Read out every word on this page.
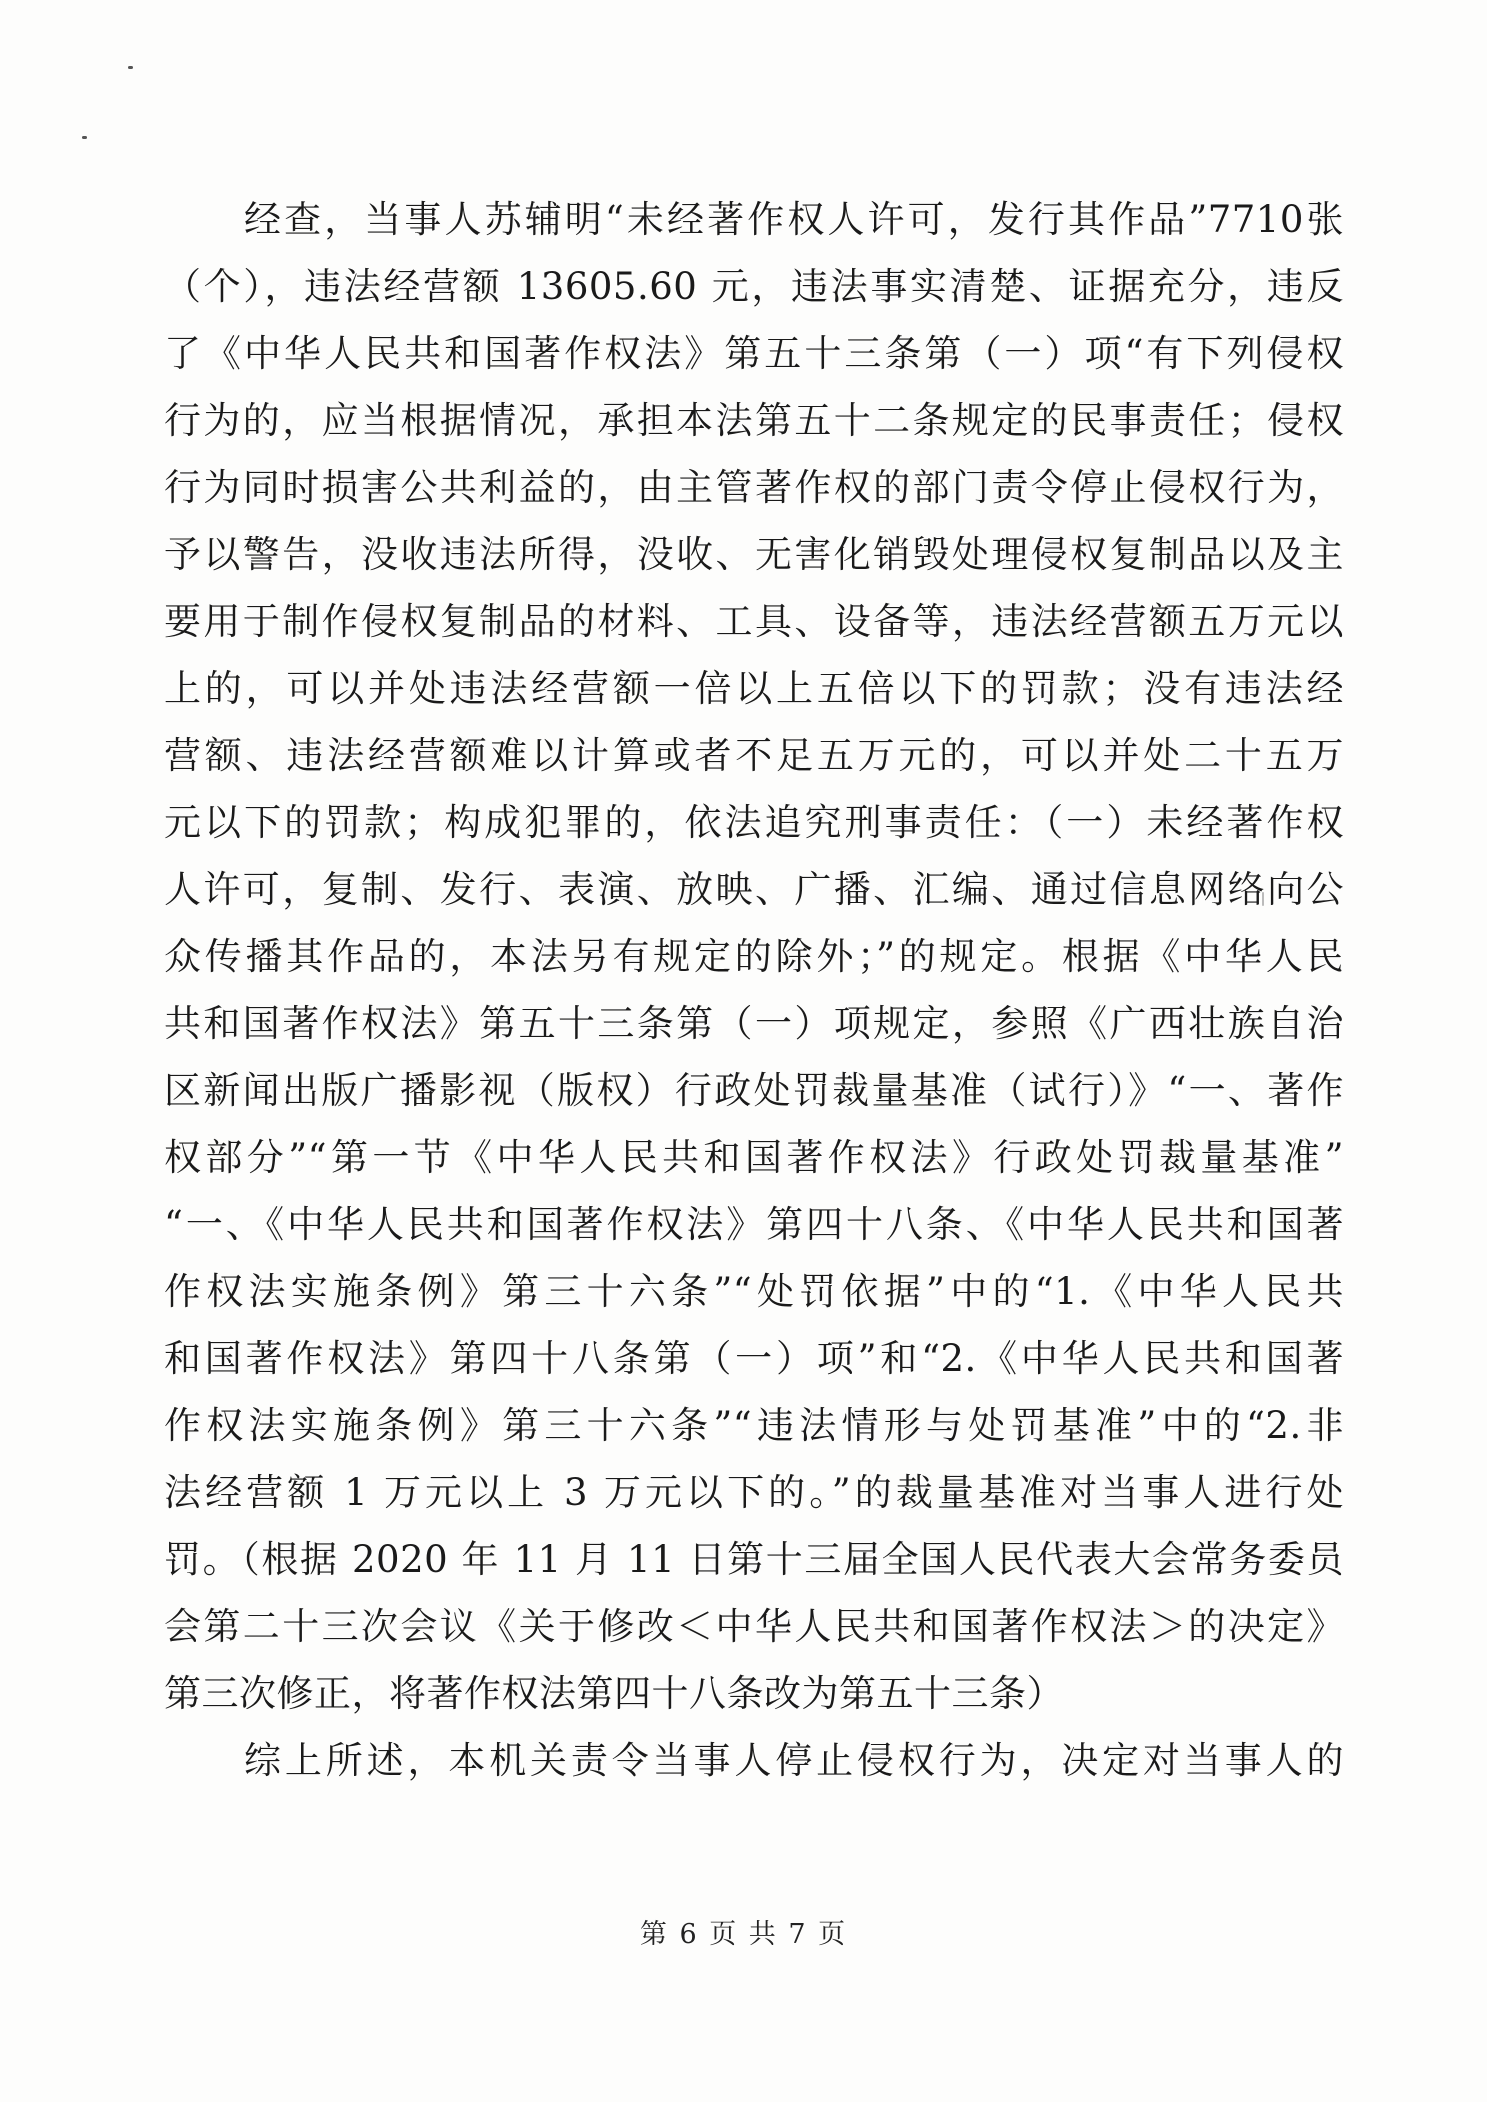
经查，当事人苏辅明“未经著作权人许可，发行其作品”7710张
（个），违法经营额 13605.60 元，违法事实清楚、证据充分，违反
了《中华人民共和国著作权法》第五十三条第（一）项“有下列侵权
行为的，应当根据情况，承担本法第五十二条规定的民事责任；侵权
行为同时损害公共利益的，由主管著作权的部门责令停止侵权行为，
予以警告，没收违法所得，没收、无害化销毁处理侵权复制品以及主
要用于制作侵权复制品的材料、工具、设备等，违法经营额五万元以
上的，可以并处违法经营额一倍以上五倍以下的罚款；没有违法经
营额、违法经营额难以计算或者不足五万元的，可以并处二十五万
元以下的罚款；构成犯罪的，依法追究刑事责任：（一）未经著作权
人许可，复制、发行、表演、放映、广播、汇编、通过信息网络向公
众传播其作品的，本法另有规定的除外；”的规定。根据《中华人民
共和国著作权法》第五十三条第（一）项规定，参照《广西壮族自治
区新闻出版广播影视（版权）行政处罚裁量基准（试行）》“一、著作
权部分”“第一节《中华人民共和国著作权法》行政处罚裁量基准”
“一、《中华人民共和国著作权法》第四十八条、《中华人民共和国著
作权法实施条例》第三十六条”“处罚依据”中的“1.《中华人民共
和国著作权法》第四十八条第（一）项”和“2.《中华人民共和国著
作权法实施条例》第三十六条”“违法情形与处罚基准”中的“2.非
法经营额 1 万元以上 3 万元以下的。”的裁量基准对当事人进行处
罚。（根据 2020 年 11 月 11 日第十三届全国人民代表大会常务委员
会第二十三次会议《关于修改＜中华人民共和国著作权法＞的决定》
第三次修正，将著作权法第四十八条改为第五十三条）
综上所述，本机关责令当事人停止侵权行为，决定对当事人的
第 6 页 共 7 页
